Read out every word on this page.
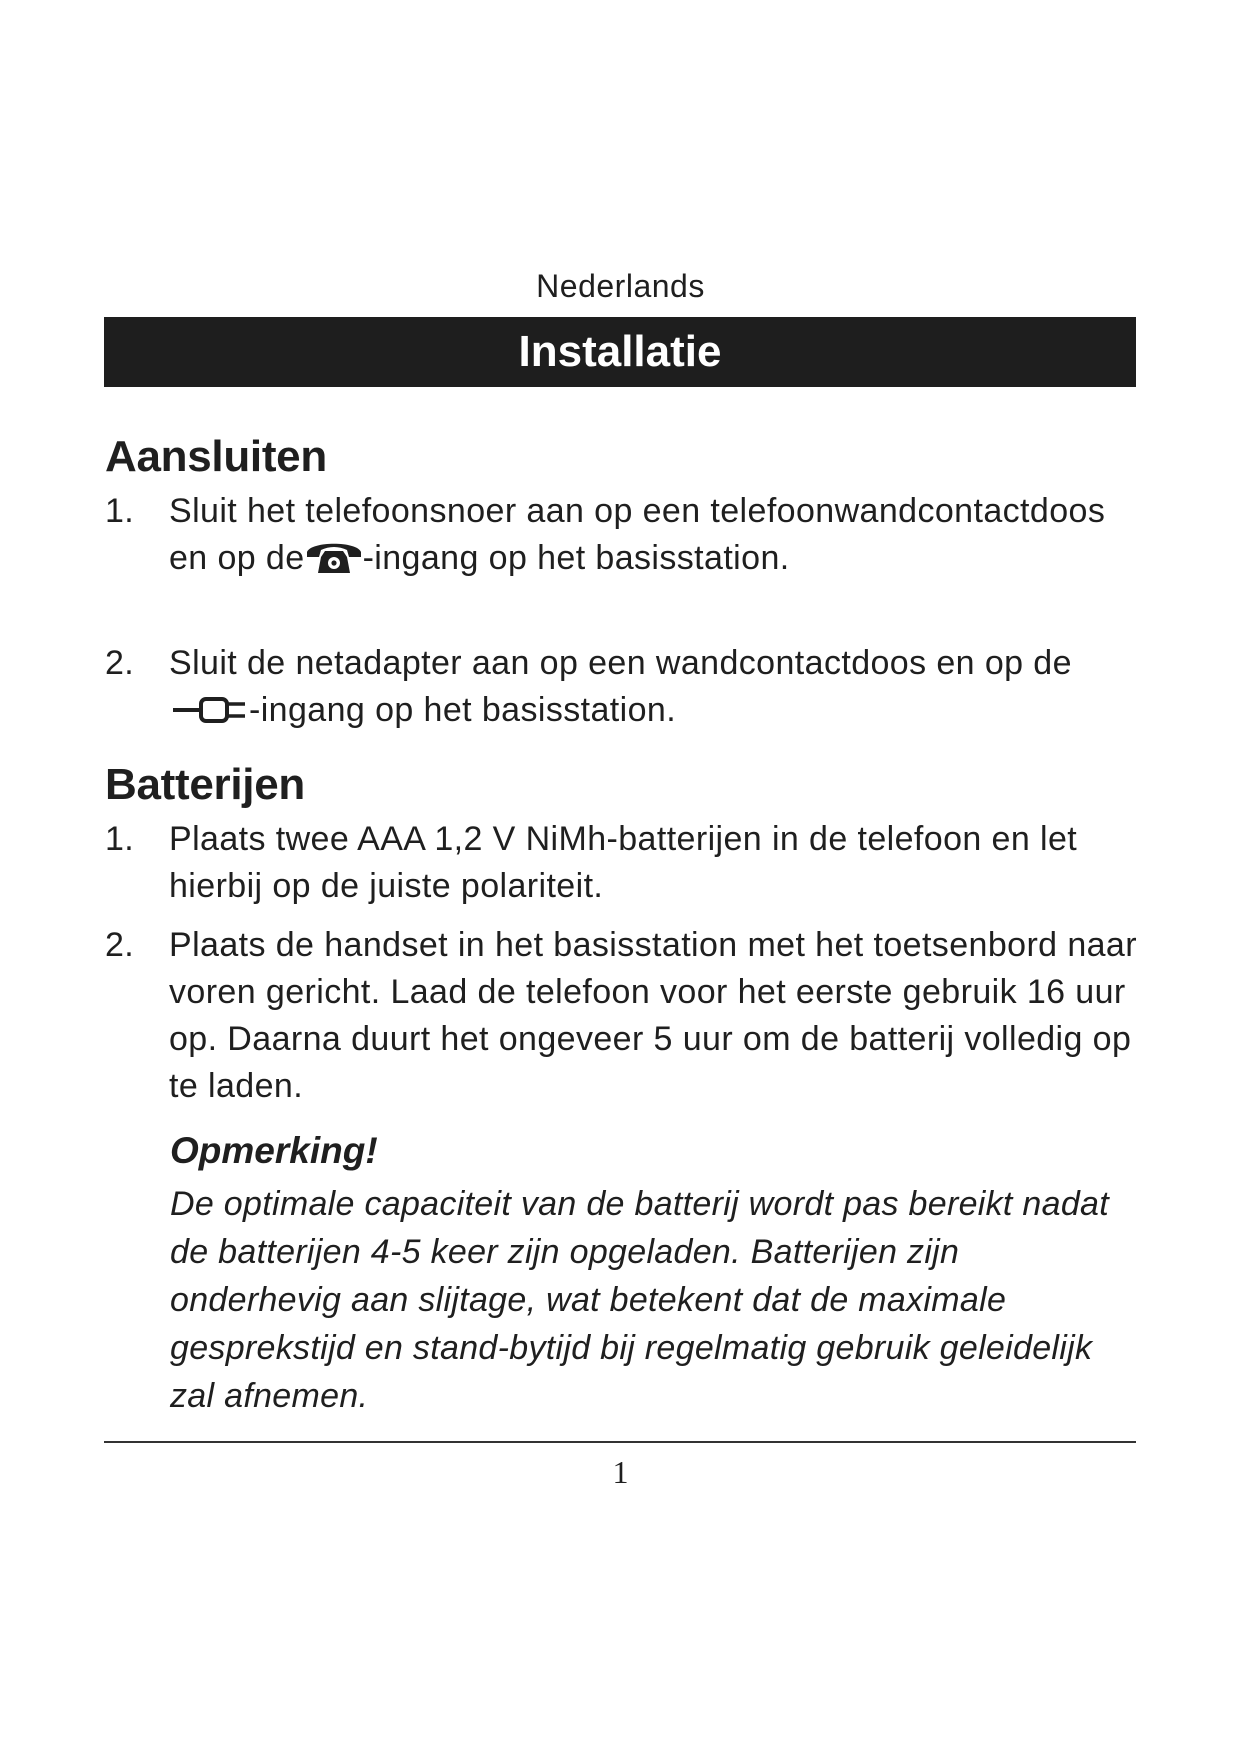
Nederlands
Installatie
Aansluiten
1. Sluit het telefoonsnoer aan op een telefoonwandcontactdoos en op de -ingang op het basisstation.
2. Sluit de netadapter aan op een wandcontactdoos en op de -ingang op het basisstation.
Batterijen
1. Plaats twee AAA 1,2 V NiMh-batterijen in de telefoon en let hierbij op de juiste polariteit.
2. Plaats de handset in het basisstation met het toetsenbord naar voren gericht. Laad de telefoon voor het eerste gebruik 16 uur op. Daarna duurt het ongeveer 5 uur om de batterij volledig op te laden.
Opmerking!
De optimale capaciteit van de batterij wordt pas bereikt nadat de batterijen 4-5 keer zijn opgeladen. Batterijen zijn onderhevig aan slijtage, wat betekent dat de maximale gesprekstijd en stand-bytijd bij regelmatig gebruik geleidelijk zal afnemen.
1
